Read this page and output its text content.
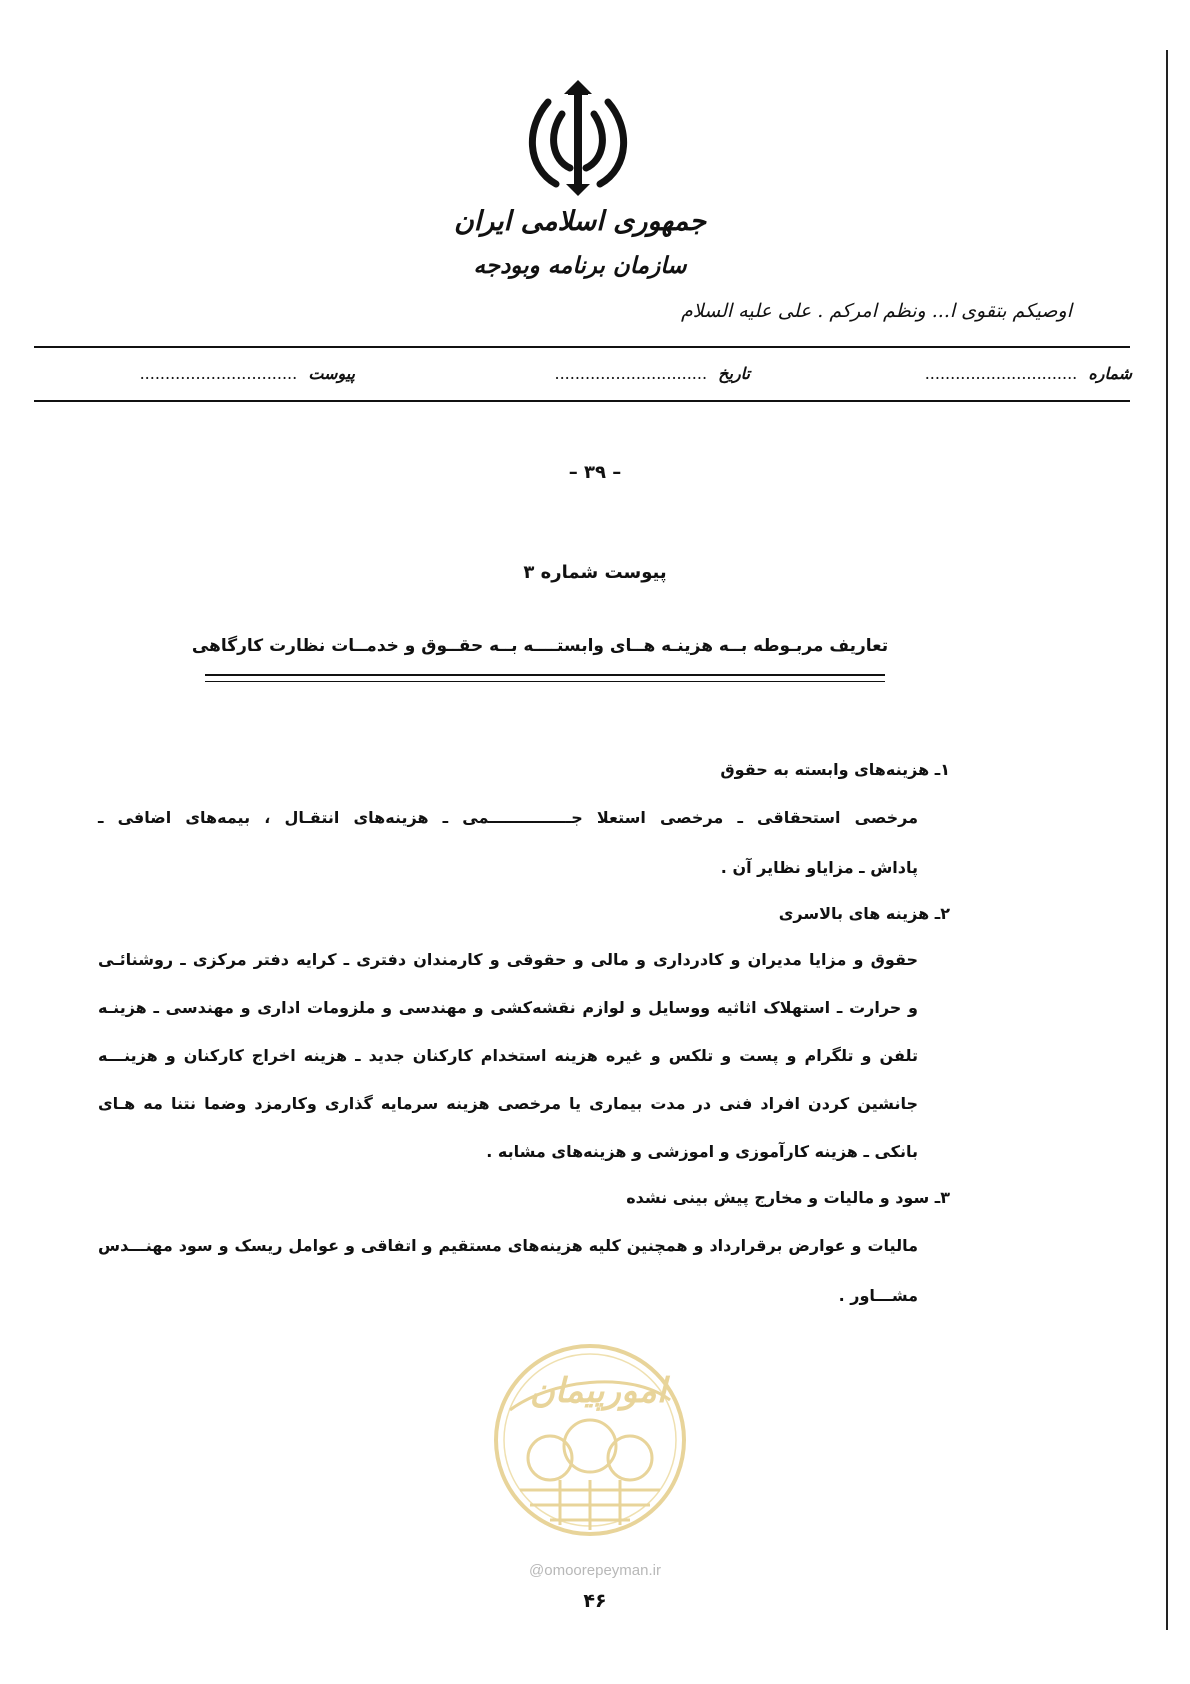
جمهوری اسلامی ایران
سازمان برنامه وبودجه
اوصیکم بتقوی ا... ونظم امرکم . علی علیه السلام
شماره ..............................
تاریخ ..............................
پیوست ...............................
– ۳۹ –
پیوست شماره ۳
تعاریف مربـوطه بــه هزینـه هــای وابستــــه بــه حقــوق و خدمــات نظارت کارگاهی
۱ـ هزینه‌های وابسته به حقوق
مرخصی استحقاقی ـ مرخصی استعلا جـــــــــــــــمی ـ هزینه‌های انتقـال ، بیمه‌های اضافی ـ
پاداش ـ مزایاو نظایر آن .
۲ـ هزینه های بالاسری
حقوق و مزایا مدیران و کادرداری و مالی و حقوقی و کارمندان دفتری ـ کرایه دفتر مرکزی ـ روشنائـی
و حرارت ـ استهلاک اثاثیه ووسایل و لوازم نقشه‌کشی و مهندسی و ملزومات اداری و مهندسی ـ هزینـه
تلفن و تلگرام و پست و تلکس و غیره هزینه استخدام کارکنان جدید ـ هزینه اخراج کارکنان و هزینـــه
جانشین کردن افراد فنی در مدت بیماری یا مرخصی هزینه سرمایه گذاری وکارمزد وضما نتنا مه هـای
بانکی ـ هزینه کارآموزی و اموزشی و هزینه‌های مشابه .
۳ـ سود و مالیات و مخارج پیش بینی نشده
مالیات و عوارض برقرارداد و همچنین کلیه هزینه‌های مستقیم و اتفاقی و عوامل ریسک و سود مهنـــدس
مشـــاور .
امورپیمان
@omoorepeyman.ir
۴۶
